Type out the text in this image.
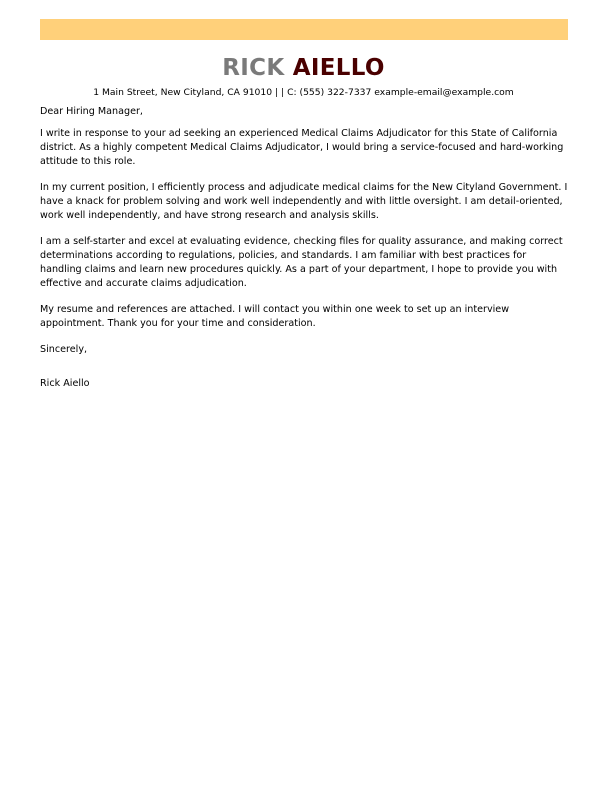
RICK AIELLO
1 Main Street, New Cityland, CA 91010 | | C: (555) 322-7337 example-email@example.com

Dear Hiring Manager,

I write in response to your ad seeking an experienced Medical Claims Adjudicator for this State of California district. As a highly competent Medical Claims Adjudicator, I would bring a service-focused and hard-working attitude to this role.

In my current position, I efficiently process and adjudicate medical claims for the New Cityland Government. I have a knack for problem solving and work well independently and with little oversight. I am detail-oriented, work well independently, and have strong research and analysis skills.

I am a self-starter and excel at evaluating evidence, checking files for quality assurance, and making correct determinations according to regulations, policies, and standards. I am familiar with best practices for handling claims and learn new procedures quickly. As a part of your department, I hope to provide you with effective and accurate claims adjudication.

My resume and references are attached. I will contact you within one week to set up an interview appointment. Thank you for your time and consideration.

Sincerely,

Rick Aiello
